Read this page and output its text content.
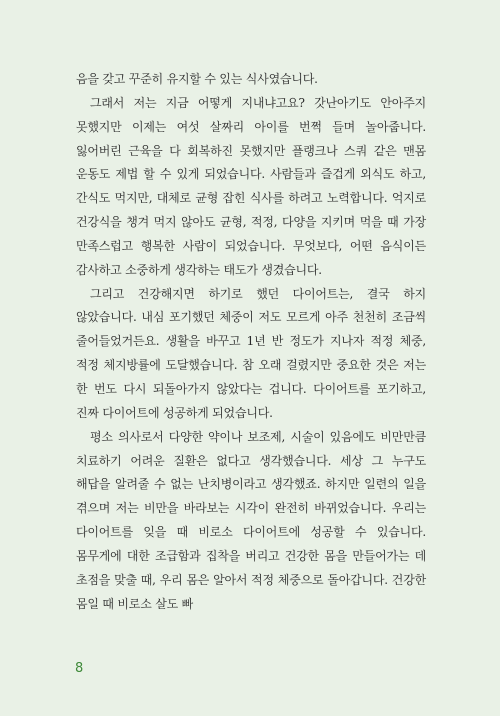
음을 갖고 꾸준히 유지할 수 있는 식사였습니다.

그래서 저는 지금 어떻게 지내냐고요? 갓난아기도 안아주지 못했지만 이제는 여섯 살짜리 아이를 번쩍 들며 놀아줍니다. 잃어버린 근육을 다 회복하진 못했지만 플랭크나 스쿼 같은 맨몸 운동도 제법 할 수 있게 되었습니다. 사람들과 즐겁게 외식도 하고, 간식도 먹지만, 대체로 균형 잡힌 식사를 하려고 노력합니다. 억지로 건강식을 챙겨 먹지 않아도 균형, 적정, 다양을 지키며 먹을 때 가장 만족스럽고 행복한 사람이 되었습니다. 무엇보다, 어떤 음식이든 감사하고 소중하게 생각하는 태도가 생겼습니다.

그리고 건강해지면 하기로 했던 다이어트는, 결국 하지 않았습니다. 내심 포기했던 체중이 저도 모르게 아주 천천히 조금씩 줄어들었거든요. 생활을 바꾸고 1년 반 정도가 지나자 적정 체중, 적정 체지방률에 도달했습니다. 참 오래 걸렸지만 중요한 것은 저는 한 번도 다시 되돌아가지 않았다는 겁니다. 다이어트를 포기하고, 진짜 다이어트에 성공하게 되었습니다.

평소 의사로서 다양한 약이나 보조제, 시술이 있음에도 비만만큼 치료하기 어려운 질환은 없다고 생각했습니다. 세상 그 누구도 해답을 알려줄 수 없는 난치병이라고 생각했죠. 하지만 일련의 일을 겪으며 저는 비만을 바라보는 시각이 완전히 바뀌었습니다. 우리는 다이어트를 잊을 때 비로소 다이어트에 성공할 수 있습니다. 몸무게에 대한 조급함과 집착을 버리고 건강한 몸을 만들어가는 데 초점을 맞출 때, 우리 몸은 알아서 적정 체중으로 돌아갑니다. 건강한 몸일 때 비로소 살도 빠

8
